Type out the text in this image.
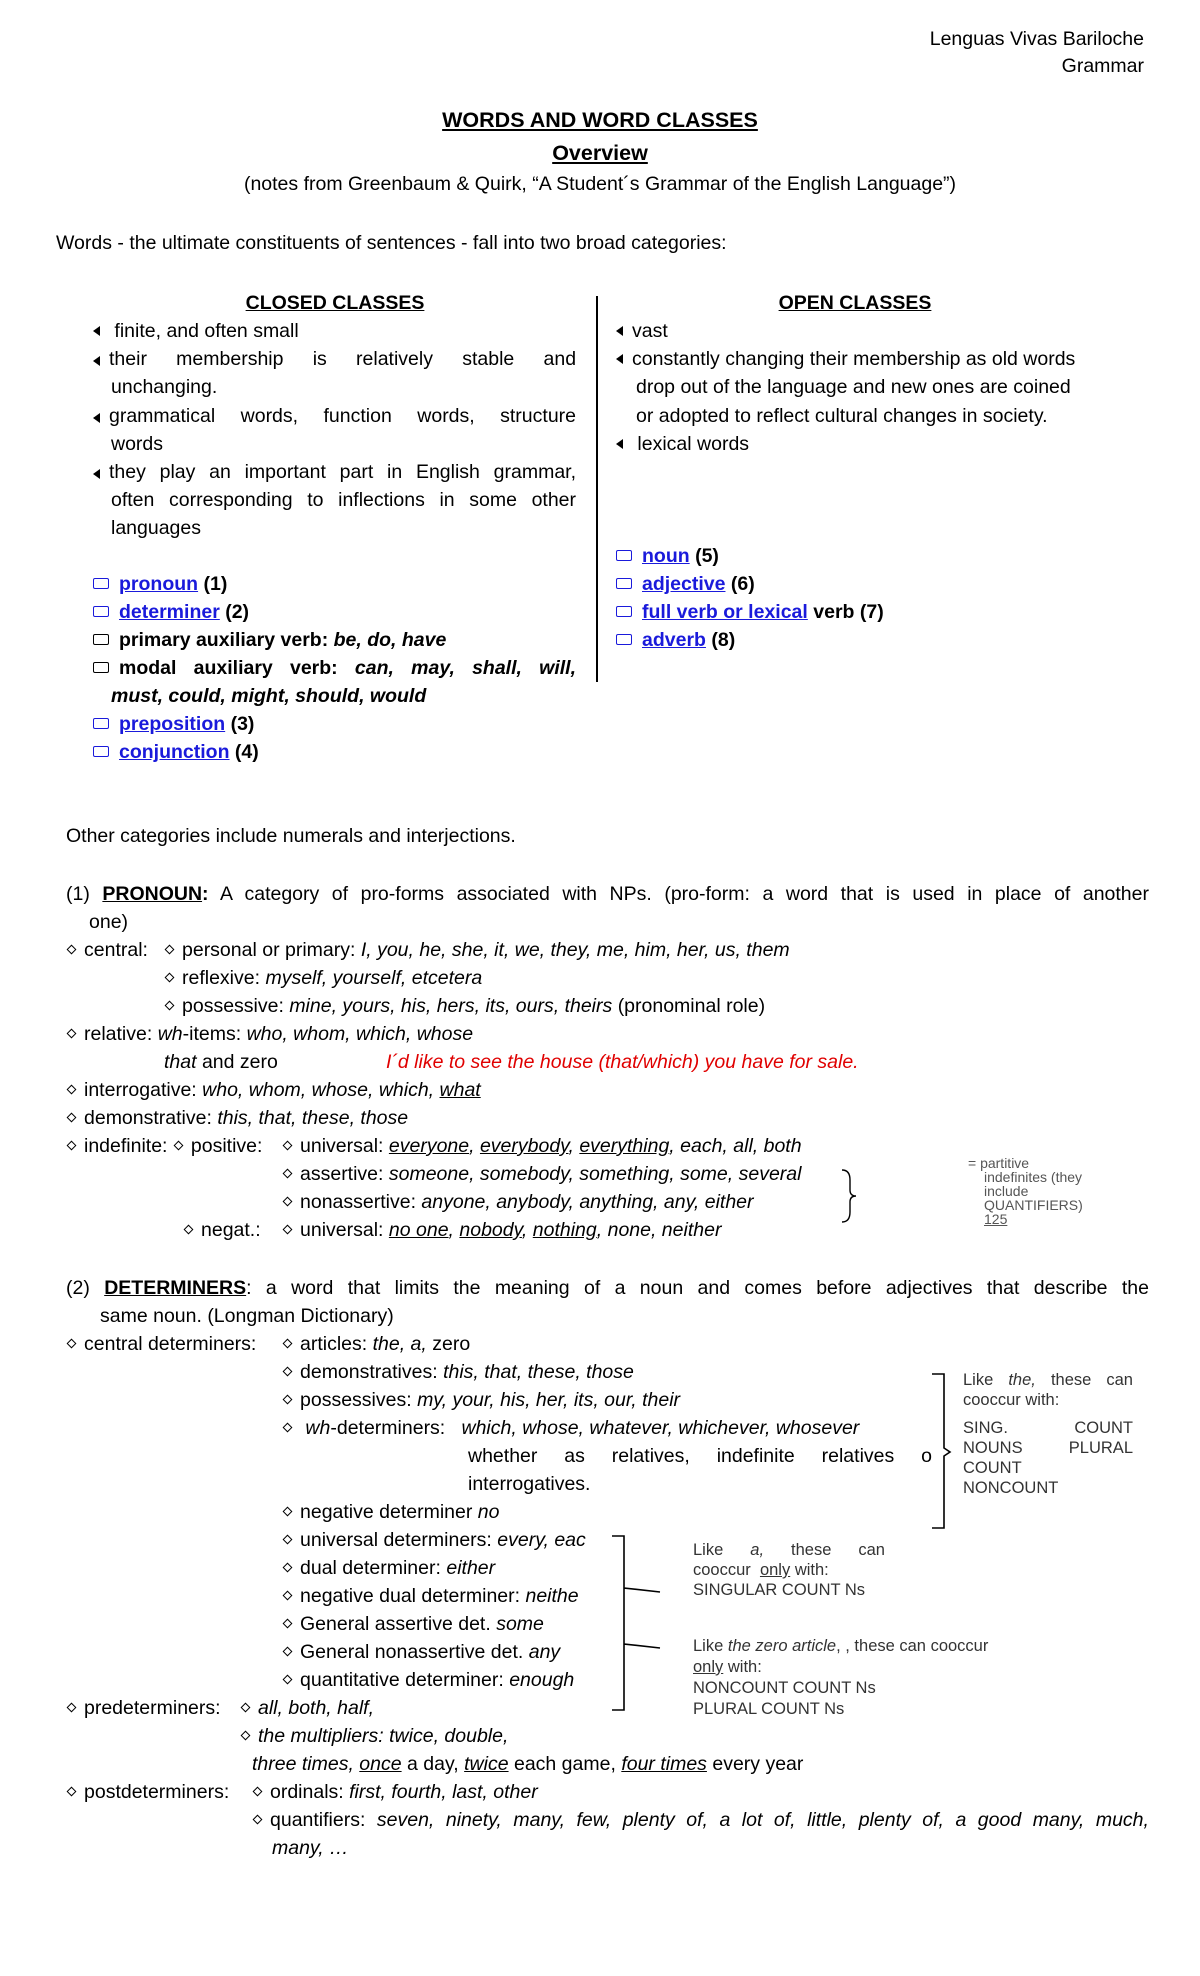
Lenguas Vivas Bariloche
Grammar
WORDS AND WORD CLASSES
Overview
(notes from Greenbaum & Quirk, “A Student´s Grammar of the English Language”)
Words - the ultimate constituents of sentences - fall into two broad categories:
CLOSED CLASSES
finite, and often small
their membership is relatively stable and
unchanging.
grammatical words, function words, structure
words
they play an important part in English grammar,
often corresponding to inflections in some other
languages
pronoun (1)
determiner (2)
primary auxiliary verb: be, do, have
modal auxiliary verb: can, may, shall, will,
must, could, might, should, would
preposition (3)
conjunction (4)
OPEN CLASSES
vast
constantly changing their membership as old words
drop out of the language and new ones are coined
or adopted to reflect cultural changes in society.
lexical words
noun (5)
adjective (6)
full verb or lexical verb (7)
adverb (8)
Other categories include numerals and interjections.
(1) PRONOUN: A category of pro-forms associated with NPs. (pro-form: a word that is used in place of another
one)
central:	personal or primary: I, you, he, she, it, we, they, me, him, her, us, them
reflexive: myself, yourself, etcetera
possessive: mine, yours, his, hers, its, ours, theirs (pronominal role)
relative: wh-items: who, whom, which, whose
that and zero	I´d like to see the house (that/which) you have for sale.
interrogative: who, whom, whose, which, what
demonstrative: this, that, these, those
indefinite: positive:	universal: everyone, everybody, everything, each, all, both
assertive: someone, somebody, something, some, several
nonassertive: anyone, anybody, anything, any, either
negat.:	universal: no one, nobody, nothing, none, neither
= partitive
indefinites (they
include
QUANTIFIERS)
125
(2) DETERMINERS: a word that limits the meaning of a noun and comes before adjectives that describe the
same noun. (Longman Dictionary)
central determiners:	articles: the, a, zero
demonstratives: this, that, these, those
possessives: my, your, his, her, its, our, their
wh-determiners: which, whose, whatever, whichever, whosever
whether as relatives, indefinite relatives o
interrogatives.
negative determiner no
universal determiners: every, eac
dual determiner: either
negative dual determiner: neithe
General assertive det. some
General nonassertive det. any
quantitative determiner: enough
Like the, these can
cooccur with:
SING.	COUNT
NOUNS	PLURAL
COUNT
NONCOUNT
Like a, these can
cooccur only with:
SINGULAR COUNT Ns
Like the zero article, , these can cooccur
only with:
NONCOUNT COUNT Ns
PLURAL COUNT Ns
predeterminers:	all, both, half,
the multipliers: twice, double,
three times, once a day, twice each game, four times every year
postdeterminers:	ordinals: first, fourth, last, other
quantifiers: seven, ninety, many, few, plenty of, a lot of, little, plenty of, a good many, much,
many, …
